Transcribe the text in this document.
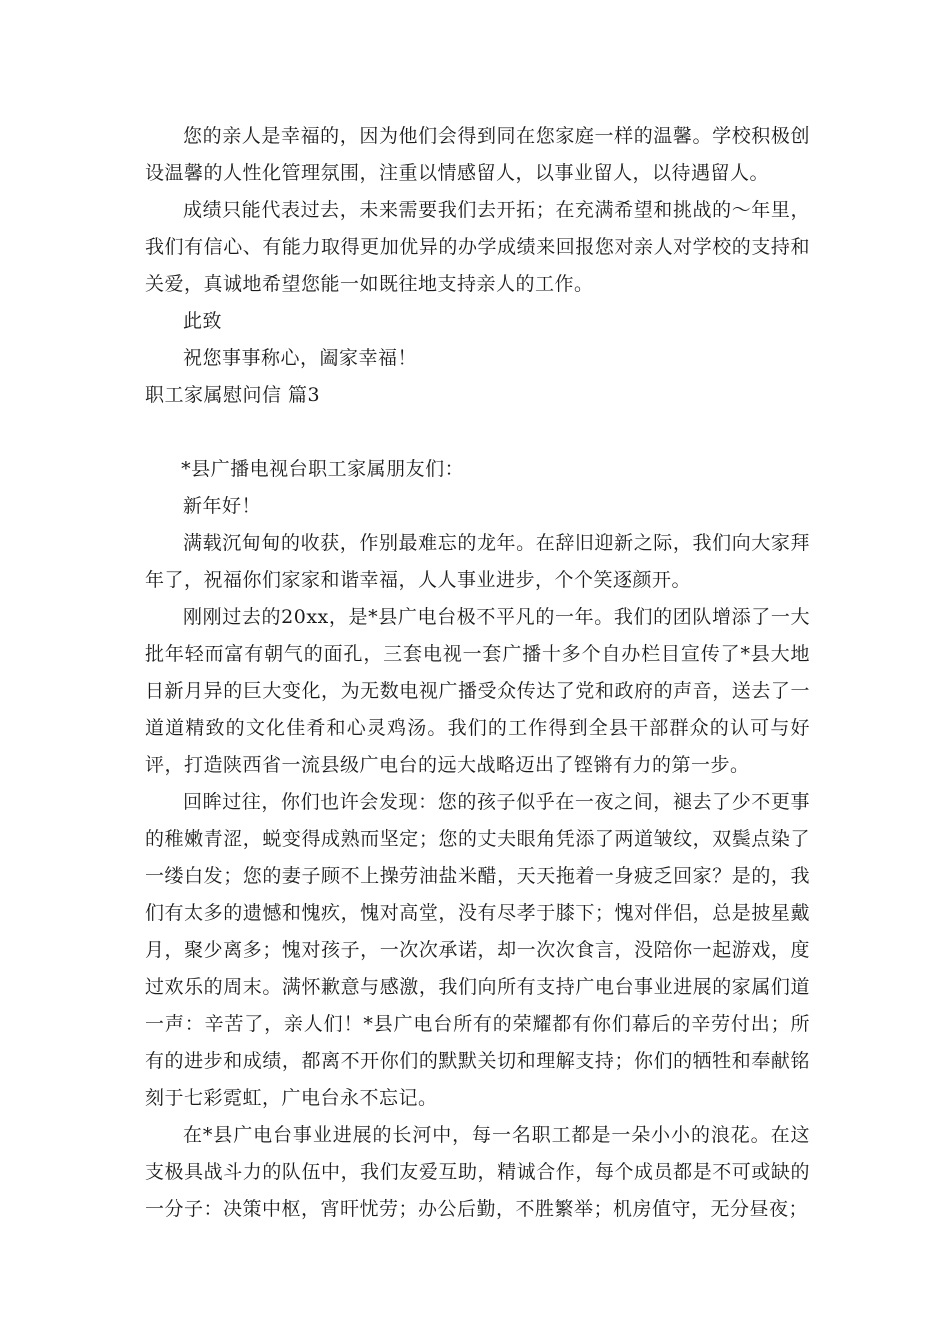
您的亲人是幸福的，因为他们会得到同在您家庭一样的温馨。学校积极创设温馨的人性化管理氛围，注重以情感留人，以事业留人，以待遇留人。

成绩只能代表过去，未来需要我们去开拓；在充满希望和挑战的～年里，我们有信心、有能力取得更加优异的办学成绩来回报您对亲人对学校的支持和关爱，真诚地希望您能一如既往地支持亲人的工作。

此致

祝您事事称心，阖家幸福！

职工家属慰问信 篇3

*县广播电视台职工家属朋友们：

新年好！

满载沉甸甸的收获，作别最难忘的龙年。在辞旧迎新之际，我们向大家拜年了，祝福你们家家和谐幸福，人人事业进步，个个笑逐颜开。

刚刚过去的20xx，是*县广电台极不平凡的一年。我们的团队增添了一大批年轻而富有朝气的面孔，三套电视一套广播十多个自办栏目宣传了*县大地日新月异的巨大变化，为无数电视广播受众传达了党和政府的声音，送去了一道道精致的文化佳肴和心灵鸡汤。我们的工作得到全县干部群众的认可与好评，打造陕西省一流县级广电台的远大战略迈出了铿锵有力的第一步。

回眸过往，你们也许会发现：您的孩子似乎在一夜之间，褪去了少不更事的稚嫩青涩，蜕变得成熟而坚定；您的丈夫眼角凭添了两道皱纹，双鬓点染了一缕白发；您的妻子顾不上操劳油盐米醋，天天拖着一身疲乏回家？是的，我们有太多的遗憾和愧疚，愧对高堂，没有尽孝于膝下；愧对伴侣，总是披星戴月，聚少离多；愧对孩子，一次次承诺，却一次次食言，没陪你一起游戏，度过欢乐的周末。满怀歉意与感激，我们向所有支持广电台事业进展的家属们道一声：辛苦了，亲人们！*县广电台所有的荣耀都有你们幕后的辛劳付出；所有的进步和成绩，都离不开你们的默默关切和理解支持；你们的牺牲和奉献铭刻于七彩霓虹，广电台永不忘记。

在*县广电台事业进展的长河中，每一名职工都是一朵小小的浪花。在这支极具战斗力的队伍中，我们友爱互助，精诚合作，每个成员都是不可或缺的一分子：决策中枢，宵旰忧劳；办公后勤，不胜繁举；机房值守，无分昼夜；
